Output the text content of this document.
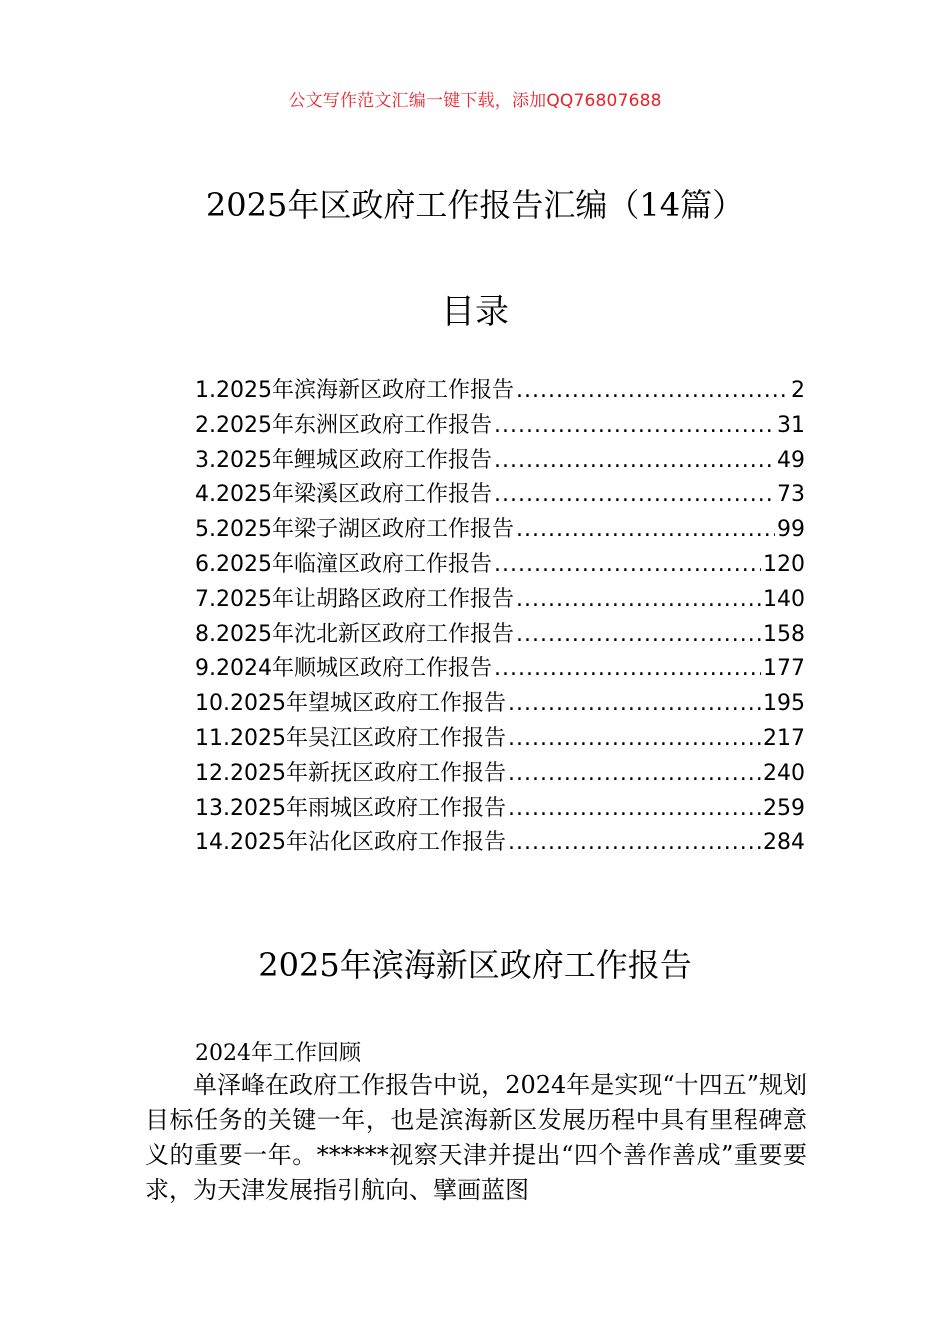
公文写作范文汇编一键下载，添加QQ76807688
2025年区政府工作报告汇编（14篇）
目录
1.2025年滨海新区政府工作报告 .....	2
2.2025年东洲区政府工作报告 .....	31
3.2025年鲤城区政府工作报告 .....	49
4.2025年梁溪区政府工作报告 .....	73
5.2025年梁子湖区政府工作报告 .....	99
6.2025年临潼区政府工作报告 .....	120
7.2025年让胡路区政府工作报告 .....	140
8.2025年沈北新区政府工作报告 .....	158
9.2024年顺城区政府工作报告 .....	177
10.2025年望城区政府工作报告 .....	195
11.2025年吴江区政府工作报告 .....	217
12.2025年新抚区政府工作报告 .....	240
13.2025年雨城区政府工作报告 .....	259
14.2025年沾化区政府工作报告 .....	284
2025年滨海新区政府工作报告
2024年工作回顾

单泽峰在政府工作报告中说，2024年是实现“十四五”规划目标任务的关键一年，也是滨海新区发展历程中具有里程碑意义的重要一年。******视察天津并提出“四个善作善成”重要要求，为天津发展指引航向、擘画蓝图
